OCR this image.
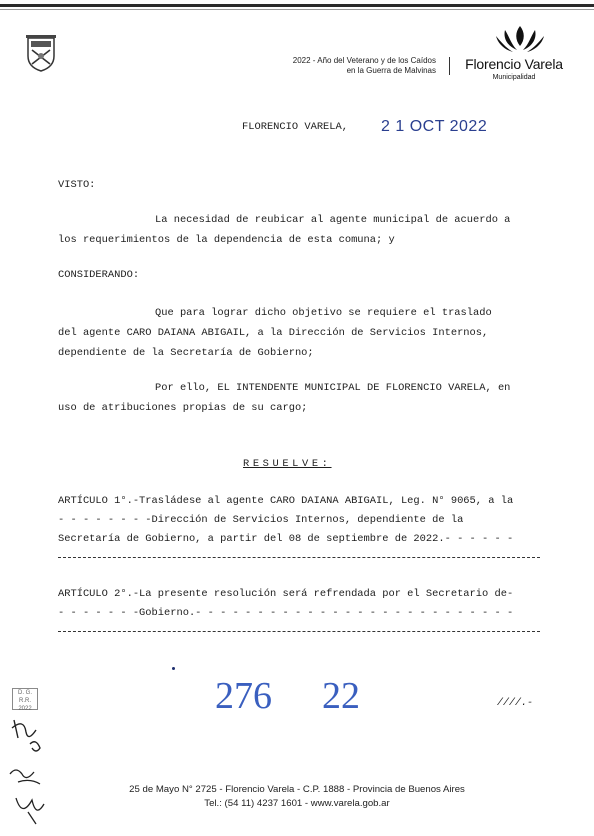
2022 - Año del Veterano y de los Caídos
en la Guerra de Malvinas	Florencio Varela
Municipalidad
FLORENCIO VARELA, 2 1 OCT 2022
VISTO:
La necesidad de reubicar al agente municipal de acuerdo a
los requerimientos de la dependencia de esta comuna; y
CONSIDERANDO:
Que para lograr dicho objetivo se requiere el traslado
del agente CARO DAIANA ABIGAIL, a la Dirección de Servicios Internos,
dependiente de la Secretaría de Gobierno;
Por ello, EL INTENDENTE MUNICIPAL DE FLORENCIO VARELA, en
uso de atribuciones propias de su cargo;
RESUELVE:
ARTÍCULO 1°.-Trasládese al agente CARO DAIANA ABIGAIL, Leg. N° 9065, a la
- - - - - - - -Dirección de Servicios Internos, dependiente de la
Secretaría de Gobierno, a partir del 08 de septiembre de 2022.- - - - - -
ARTÍCULO 2°.-La presente resolución será refrendada por el Secretario de-
- - - - - - -Gobierno.- - - - - - - - - - - - - - - - - - - - - - - - - -
276 22	////.-
D. G.
R.R. 2022
25 de Mayo N° 2725 - Florencio Varela - C.P. 1888 - Provincia de Buenos Aires
Tel.: (54 11) 4237 1601 - www.varela.gob.ar
